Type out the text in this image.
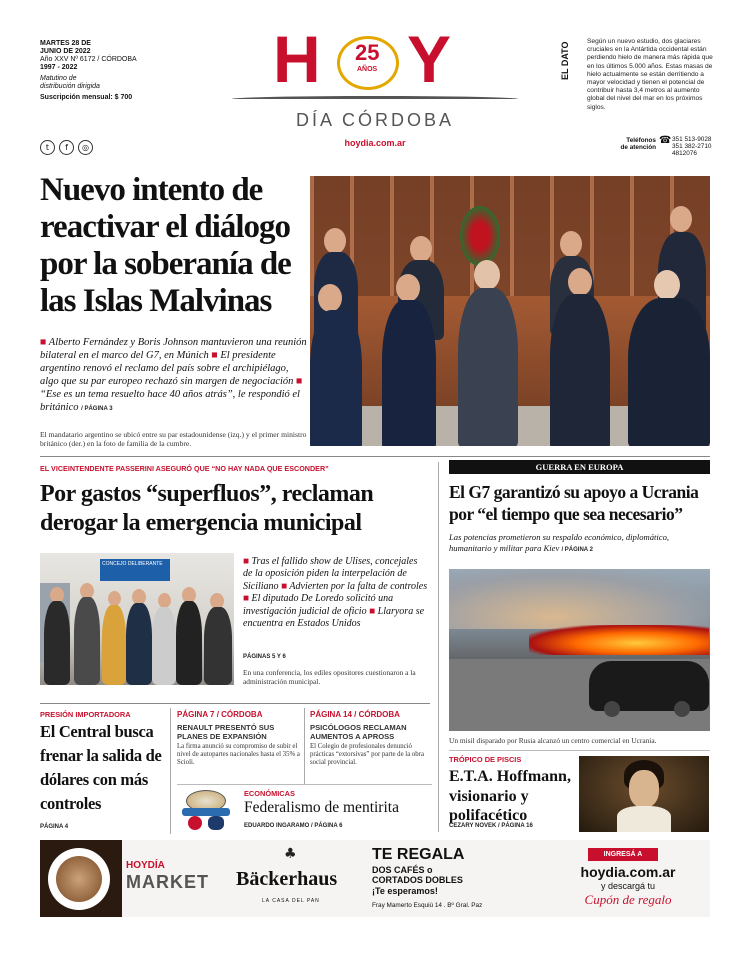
MARTES 28 DE
JUNIO DE 2022
Año XXV Nº 6172 / CÓRDOBA
1997 - 2022
Matutino de
distribución dirigida
Suscripción mensual: $ 700
t	f	◎
H 25
AÑOS Y
DÍA CÓRDOBA
hoydia.com.ar
EL DATO	Según un nuevo estudio, dos glaciares cruciales en la Antártida occidental están perdiendo hielo de manera más rápida que en los últimos 5.000 años. Estas masas de hielo actualmente se están derritiendo a mayor velocidad y tienen el potencial de contribuir hasta 3,4 metros al aumento global del nivel del mar en los próximos siglos.
Teléfonos
de atención
☎ 351 513-9028
351 382-2710
4812076
Nuevo intento de reactivar el diálogo por la soberanía de las Islas Malvinas
■ Alberto Fernández y Boris Johnson mantuvieron una reunión bilateral en el marco del G7, en Múnich ■ El presidente argentino renovó el reclamo del país sobre el archipiélago, algo que su par europeo rechazó sin margen de negociación ■ “Ese es un tema resuelto hace 40 años atrás”, le respondió el británico / PÁGINA 3
El mandatario argentino se ubicó entre su par estadounidense (izq.) y el primer ministro británico (der.) en la foto de familia de la cumbre.
EL VICEINTENDENTE PASSERINI ASEGURÓ QUE “NO HAY NADA QUE ESCONDER”
Por gastos “superfluos”, reclaman derogar la emergencia municipal
CONCEJO DELIBERANTE	■ Tras el fallido show de Ulises, concejales de la oposición piden la interpelación de Siciliano ■ Advierten por la falta de controles ■ El diputado De Loredo solicitó una investigación judicial de oficio ■ Llaryora se encuentra en Estados Unidos
PÁGINAS 5 Y 6
En una conferencia, los ediles opositores cuestionaron a la administración municipal.
GUERRA EN EUROPA
El G7 garantizó su apoyo a Ucrania por “el tiempo que sea necesario”
Las potencias prometieron su respaldo económico, diplomático, humanitario y militar para Kiev / PÁGINA 2
Un misil disparado por Rusia alcanzó un centro comercial en Ucrania.
PRESIÓN IMPORTADORA
El Central busca frenar la salida de dólares con más controles
PÁGINA 4
PÁGINA 7 / CÓRDOBA
RENAULT PRESENTÓ SUS PLANES DE EXPANSIÓN
La firma anunció su compromiso de subir el nivel de autopartes nacionales hasta el 35% a Scioli.
PÁGINA 14 / CÓRDOBA
PSICÓLOGOS RECLAMAN AUMENTOS A APROSS
El Colegio de profesionales denunció prácticas “extorsivas” por parte de la obra social provincial.
ECONÓMICAS
Federalismo de mentirita
EDUARDO INGARAMO / PÁGINA 6
TRÓPICO DE PISCIS
E.T.A. Hoffmann, visionario y polifacético
CEZARY NOVEK / PÁGINA 16
HOYDÍA
MARKET
♣
Bäckerhaus
LA CASA DEL PAN
TE REGALA
DOS CAFÉS o
CORTADOS DOBLES
¡Te esperamos!
Fray Mamerto Esquiú 14 . Bº Gral. Paz
INGRESÁ A
hoydia.com.ar
y descargá tu
Cupón de regalo
